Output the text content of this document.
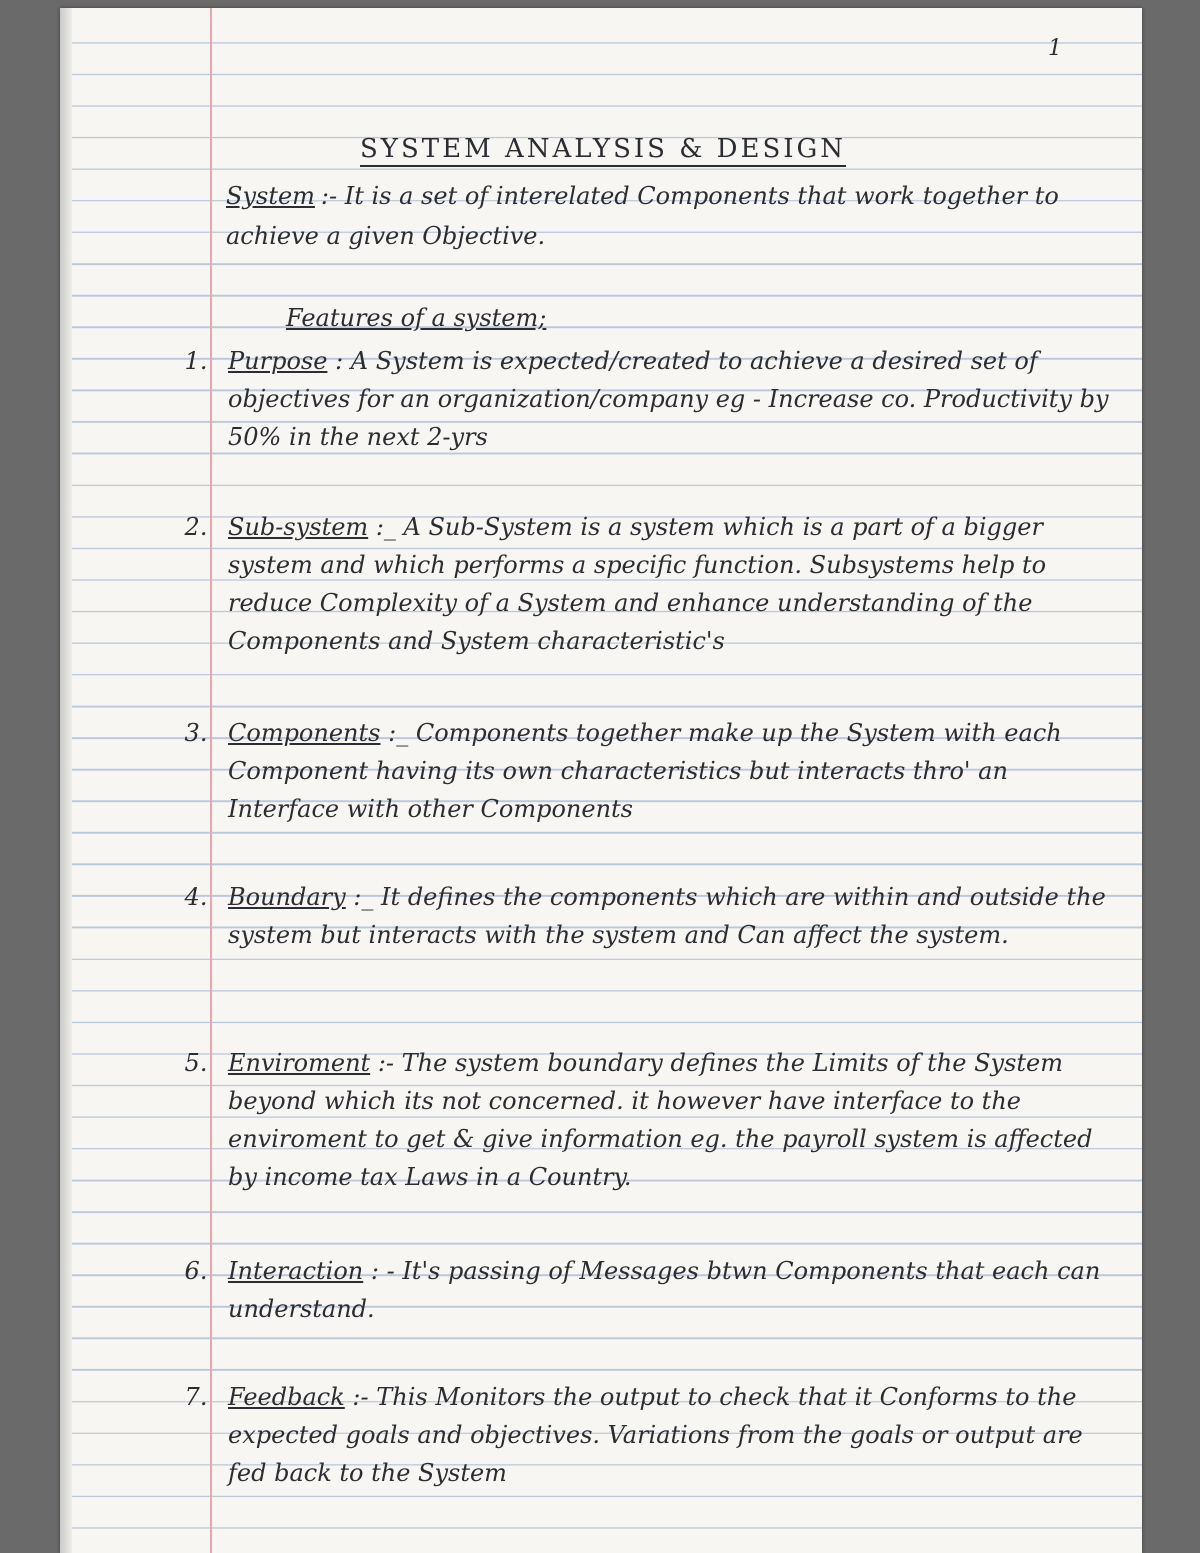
1
SYSTEM ANALYSIS & DESIGN
System :- It is a set of interelated Components that work together to achieve a given Objective.
Features of a system;
1. Purpose : A System is expected/created to achieve a desired set of objectives for an organization/company eg - Increase co. Productivity by 50% in the next 2-yrs
2. Sub-system :_ A Sub-System is a system which is a part of a bigger system and which performs a specific function. Subsystems help to reduce Complexity of a System and enhance understanding of the Components and System characteristic's
3. Components :_ Components together make up the System with each Component having its own characteristics but interacts thro' an Interface with other Components
4. Boundary :_ It defines the components which are within and outside the system but interacts with the system and Can affect the system.
5. Enviroment :- The system boundary defines the Limits of the System beyond which its not concerned. it however have interface to the enviroment to get & give information eg. the payroll system is affected by income tax Laws in a Country.
6. Interaction : - It's passing of Messages btwn Components that each can understand.
7. Feedback :- This Monitors the output to check that it Conforms to the expected goals and objectives. Variations from the goals or output are fed back to the System
